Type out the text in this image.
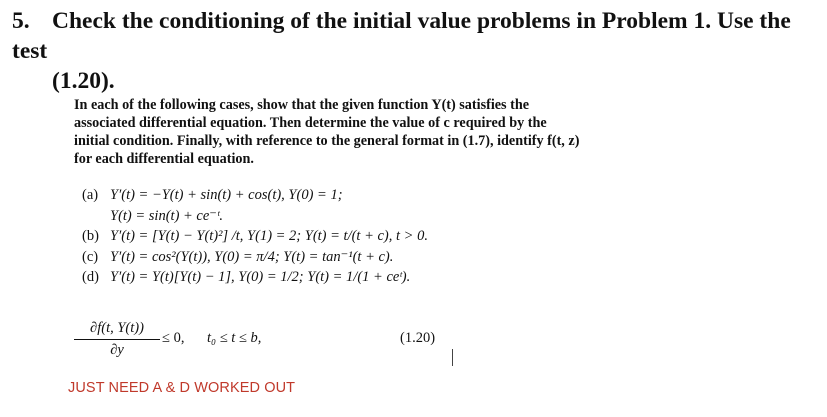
5. Check the conditioning of the initial value problems in Problem 1. Use the test
(1.20).
In each of the following cases, show that the given function Y(t) satisfies the associated differential equation. Then determine the value of c required by the initial condition. Finally, with reference to the general format in (1.7), identify f(t, z) for each differential equation.
(a) Y′(t) = −Y(t) + sin(t) + cos(t), Y(0) = 1;
Y(t) = sin(t) + ce⁻ᵗ.
(b) Y′(t) = [Y(t) − Y(t)²] /t, Y(1) = 2; Y(t) = t/(t + c), t > 0.
(c) Y′(t) = cos²(Y(t)), Y(0) = π/4; Y(t) = tan⁻¹(t + c).
(d) Y′(t) = Y(t)[Y(t) − 1], Y(0) = 1/2; Y(t) = 1/(1 + ceᵗ).
∂f(t, Y(t))
∂y
≤ 0, t₀ ≤ t ≤ b,	(1.20)
JUST NEED A & D WORKED OUT
